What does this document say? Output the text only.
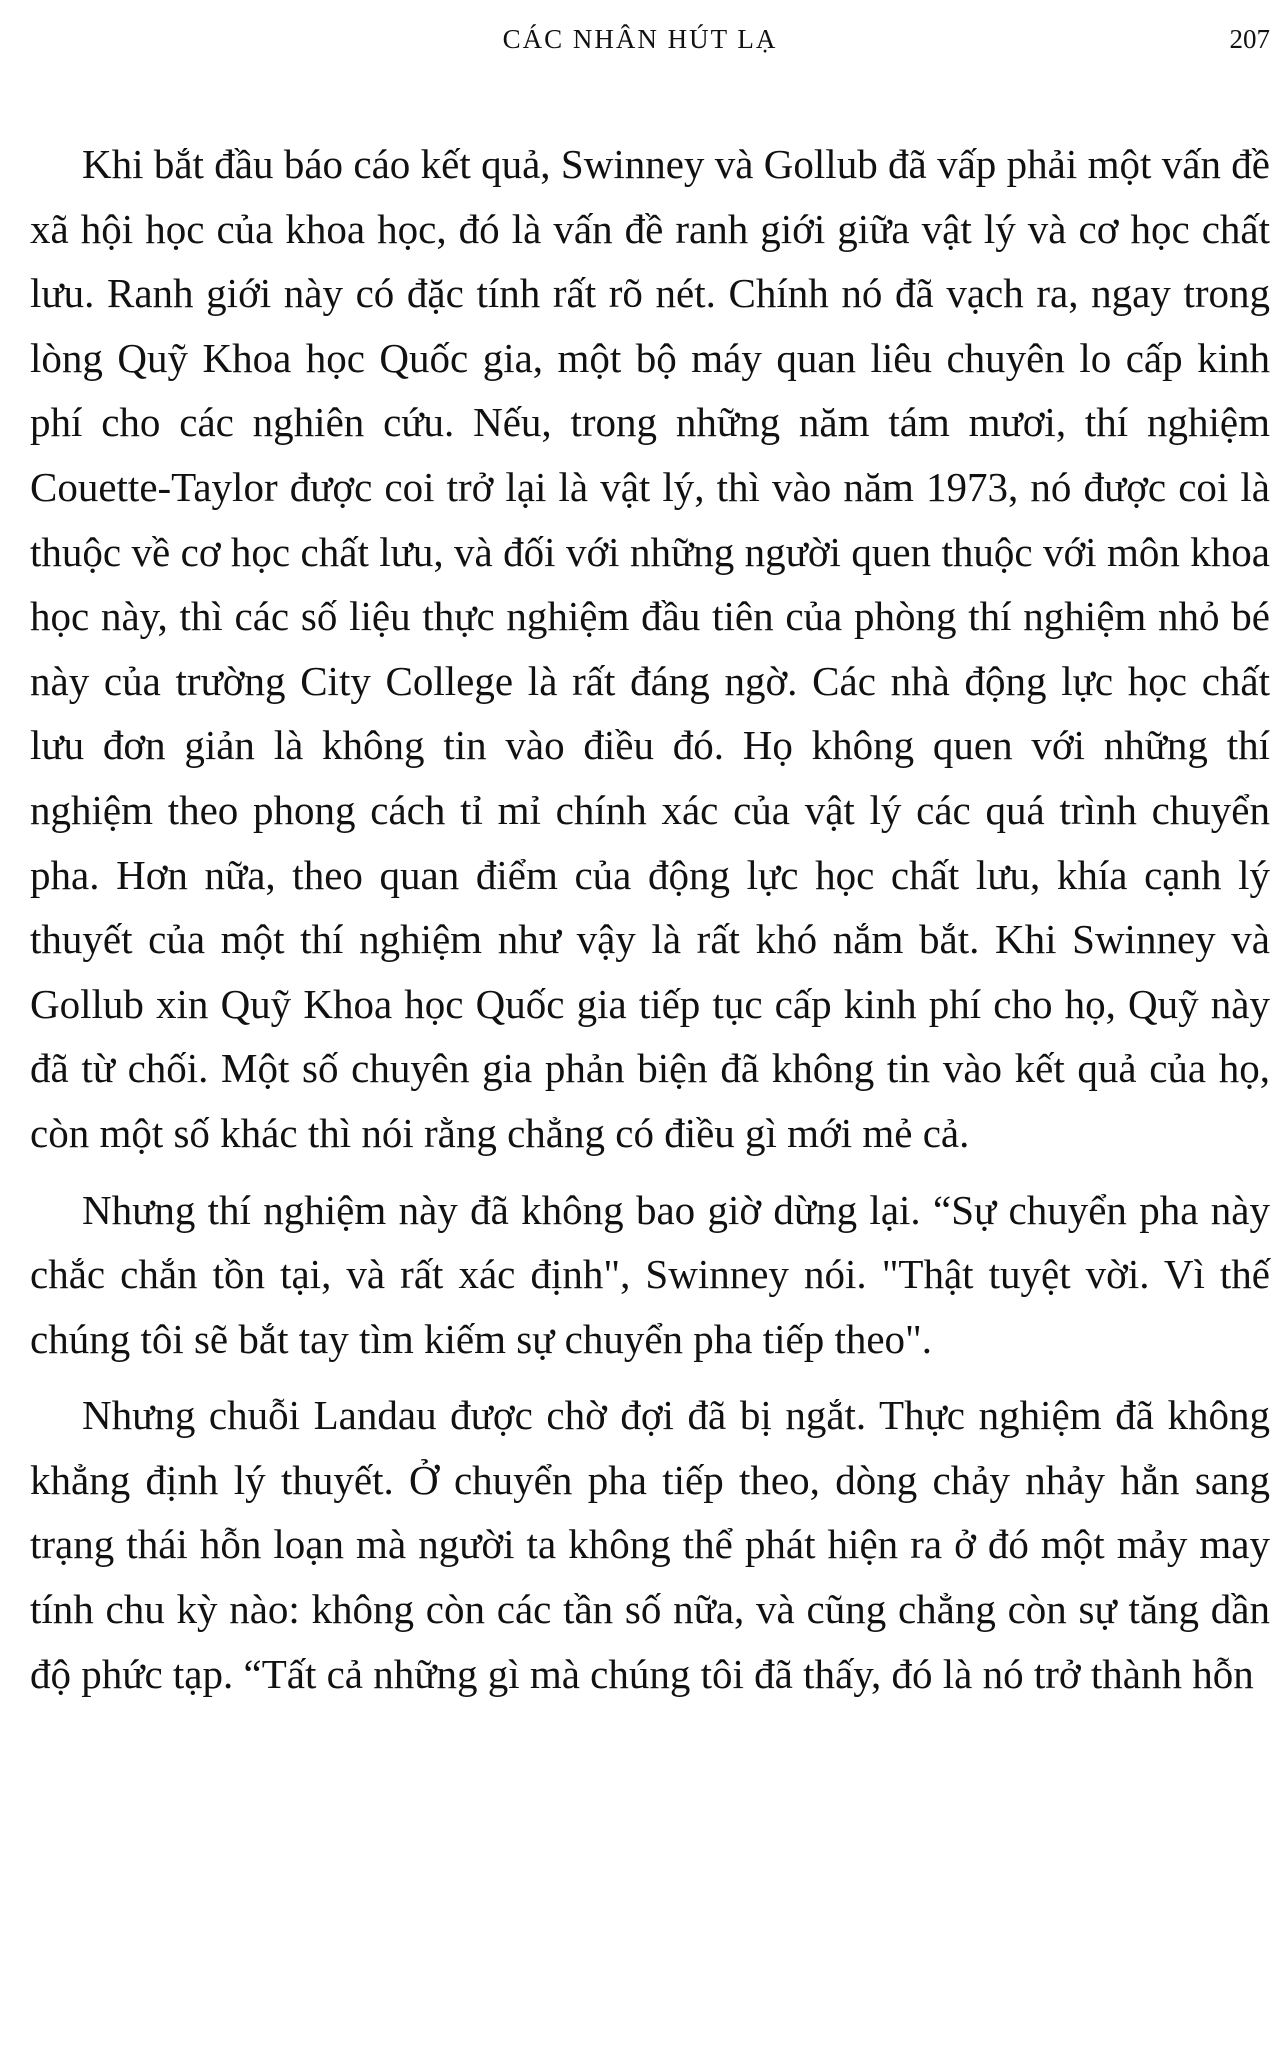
CÁC NHÂN HÚT LẠ	207

Khi bắt đầu báo cáo kết quả, Swinney và Gollub đã vấp phải một vấn đề xã hội học của khoa học, đó là vấn đề ranh giới giữa vật lý và cơ học chất lưu. Ranh giới này có đặc tính rất rõ nét. Chính nó đã vạch ra, ngay trong lòng Quỹ Khoa học Quốc gia, một bộ máy quan liêu chuyên lo cấp kinh phí cho các nghiên cứu. Nếu, trong những năm tám mươi, thí nghiệm Couette-Taylor được coi trở lại là vật lý, thì vào năm 1973, nó được coi là thuộc về cơ học chất lưu, và đối với những người quen thuộc với môn khoa học này, thì các số liệu thực nghiệm đầu tiên của phòng thí nghiệm nhỏ bé này của trường City College là rất đáng ngờ. Các nhà động lực học chất lưu đơn giản là không tin vào điều đó. Họ không quen với những thí nghiệm theo phong cách tỉ mỉ chính xác của vật lý các quá trình chuyển pha. Hơn nữa, theo quan điểm của động lực học chất lưu, khía cạnh lý thuyết của một thí nghiệm như vậy là rất khó nắm bắt. Khi Swinney và Gollub xin Quỹ Khoa học Quốc gia tiếp tục cấp kinh phí cho họ, Quỹ này đã từ chối. Một số chuyên gia phản biện đã không tin vào kết quả của họ, còn một số khác thì nói rằng chẳng có điều gì mới mẻ cả.

Nhưng thí nghiệm này đã không bao giờ dừng lại. “Sự chuyển pha này chắc chắn tồn tại, và rất xác định", Swinney nói. "Thật tuyệt vời. Vì thế chúng tôi sẽ bắt tay tìm kiếm sự chuyển pha tiếp theo".

Nhưng chuỗi Landau được chờ đợi đã bị ngắt. Thực nghiệm đã không khẳng định lý thuyết. Ở chuyển pha tiếp theo, dòng chảy nhảy hẳn sang trạng thái hỗn loạn mà người ta không thể phát hiện ra ở đó một mảy may tính chu kỳ nào: không còn các tần số nữa, và cũng chẳng còn sự tăng dần độ phức tạp. “Tất cả những gì mà chúng tôi đã thấy, đó là nó trở thành hỗn
